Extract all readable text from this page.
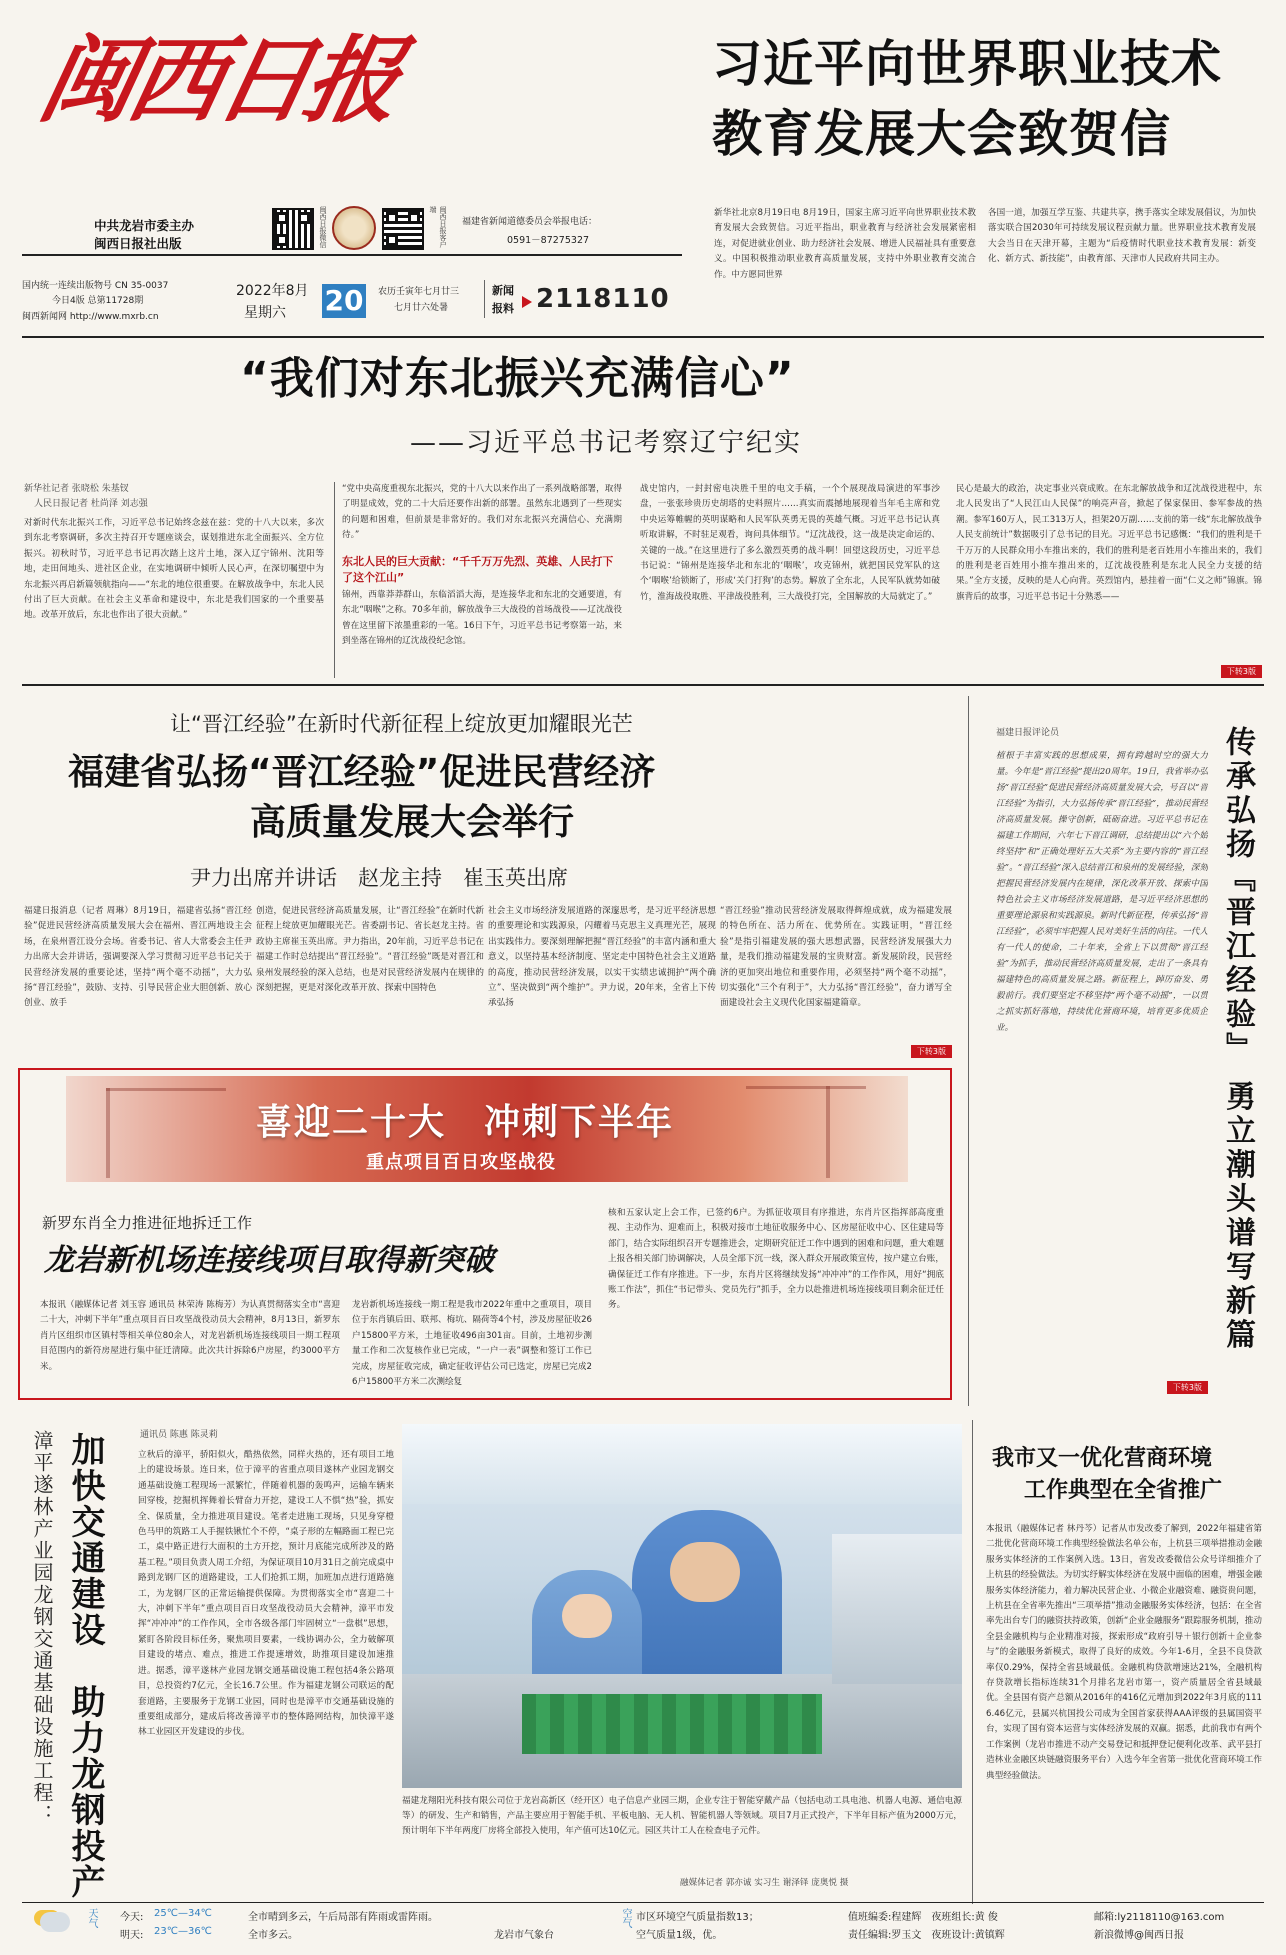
闽西日报
中共龙岩市委主办
闽西日报社出版	闽西日报微信	闽西日报客户端
福建省新闻道德委员会举报电话：
0591－87275327
国内统一连续出版物号 CN 35-0037
今日4版 总第11728期
闽西新闻网 http://www.mxrb.cn
2022年8月
星期六 20 农历壬寅年七月廿三
七月廿六处暑
新闻
报料 2118110
习近平向世界职业技术
教育发展大会致贺信
新华社北京8月19日电 8月19日，国家主席习近平向世界职业技术教育发展大会致贺信。习近平指出，职业教育与经济社会发展紧密相连，对促进就业创业、助力经济社会发展、增进人民福祉具有重要意义。中国积极推动职业教育高质量发展，支持中外职业教育交流合作。中方愿同世界
各国一道，加强互学互鉴、共建共享，携手落实全球发展倡议，为加快落实联合国2030年可持续发展议程贡献力量。世界职业技术教育发展大会当日在天津开幕，主题为“后疫情时代职业技术教育发展：新变化、新方式、新技能”，由教育部、天津市人民政府共同主办。
“我们对东北振兴充满信心”
——习近平总书记考察辽宁纪实
新华社记者 张晓松 朱基钗
人民日报记者 杜尚泽 刘志强
对新时代东北振兴工作，习近平总书记始终念兹在兹：党的十八大以来，多次到东北考察调研，多次主持召开专题座谈会，谋划推进东北全面振兴、全方位振兴。初秋时节，习近平总书记再次踏上这片土地，深入辽宁锦州、沈阳等地，走田间地头、进社区企业，在实地调研中倾听人民心声，在深切嘱望中为东北振兴再启新篇领航指向——“东北的地位很重要。在解放战争中，东北人民付出了巨大贡献。在社会主义革命和建设中，东北是我们国家的一个重要基地。改革开放后，东北也作出了很大贡献。”
“党中央高度重视东北振兴，党的十八大以来作出了一系列战略部署，取得了明显成效，党的二十大后还要作出新的部署。虽然东北遇到了一些现实的问题和困难，但前景是非常好的。我们对东北振兴充满信心、充满期待。”
东北人民的巨大贡献：“千千万万先烈、英雄、人民打下了这个江山”
锦州，西靠莽莽群山，东临滔滔大海，是连接华北和东北的交通要道，有东北“咽喉”之称。70多年前，解放战争三大战役的首场战役——辽沈战役曾在这里留下浓墨重彩的一笔。16日下午，习近平总书记考察第一站，来到坐落在锦州的辽沈战役纪念馆。
战史馆内，一封封密电决胜千里的电文手稿，一个个展现战局演进的军事沙盘，一张张珍贵历史胡塔的史料照片……真实而震撼地展现着当年毛主席和党中央运筹帷幄的英明谋略和人民军队英勇无畏的英雄气概。习近平总书记认真听取讲解，不时驻足观看，询问具体细节。“辽沈战役，这一战是决定命运的、关键的一战。”在这里进行了多么激烈英勇的战斗啊！回望这段历史，习近平总书记说：“锦州是连接华北和东北的‘咽喉’，攻克锦州，就把国民党军队的这个‘咽喉’给锁断了，形成‘关门打狗’的态势。解放了全东北，人民军队就势如破竹，淮海战役取胜、平津战役胜利，三大战役打完，全国解放的大局就定了。”
民心是最大的政治，决定事业兴衰成败。在东北解放战争和辽沈战役进程中，东北人民发出了“人民江山人民保”的响亮声音，掀起了保家保田、参军参战的热潮。参军160万人，民工313万人，担架20万副……支前的第一线“东北解放战争人民支前统计”数据吸引了总书记的目光。习近平总书记感慨：“我们的胜利是千千万万的人民群众用小车推出来的，我们的胜利是老百姓用小车推出来的，我们的胜利是老百姓用小推车推出来的，辽沈战役胜利是东北人民全力支援的结果。”全方支援，反映的是人心向背。英烈馆内，悬挂着一面“仁义之师”锦旗。锦旗背后的故事，习近平总书记十分熟悉——
下转3版
让“晋江经验”在新时代新征程上绽放更加耀眼光芒
福建省弘扬“晋江经验”促进民营经济
高质量发展大会举行
尹力出席并讲话　赵龙主持　崔玉英出席
福建日报消息（记者 周琳）8月19日，福建省弘扬“晋江经验”促进民营经济高质量发展大会在福州、晋江两地设主会场，在泉州晋江设分会场。省委书记、省人大常委会主任尹力出席大会并讲话，强调要深入学习贯彻习近平总书记关于民营经济发展的重要论述，坚持“两个毫不动摇”，大力弘扬“晋江经验”，鼓励、支持、引导民营企业大胆创新、放心创业、放手
创造，促进民营经济高质量发展，让“晋江经验”在新时代新征程上绽放更加耀眼光芒。省委副书记、省长赵龙主持。省政协主席崔玉英出席。尹力指出，20年前，习近平总书记在福建工作时总结提出“晋江经验”。“晋江经验”既是对晋江和泉州发展经验的深入总结，也是对民营经济发展内在规律的深刻把握，更是对深化改革开放、探索中国特色
社会主义市场经济发展道路的深邃思考，是习近平经济思想的重要理论和实践源泉，闪耀着马克思主义真理光芒，展现出实践伟力。要深刻理解把握“晋江经验”的丰富内涵和重大意义，以坚持基本经济制度、坚定走中国特色社会主义道路的高度，推动民营经济发展，以实干实绩忠诚拥护“两个确立”、坚决做到“两个维护”。尹力说，20年来，全省上下传承弘扬
“晋江经验”推动民营经济发展取得辉煌成就，成为福建发展的特色所在、活力所在、优势所在。实践证明，“晋江经验”是指引福建发展的强大思想武器，民营经济发展强大力量，是我们推动福建发展的宝贵财富。新发展阶段，民营经济的更加突出地位和重要作用，必须坚持“两个毫不动摇”，切实强化“三个有利于”，大力弘扬“晋江经验”，奋力谱写全面建设社会主义现代化国家福建篇章。
下转3版
福建日报评论员
植根于丰富实践的思想成果，拥有跨越时空的强大力量。今年是“晋江经验”提出20周年。19日，我省举办弘扬“晋江经验”促进民营经济高质量发展大会，号召以“晋江经验”为指引，大力弘扬传承“晋江经验”，推动民营经济高质量发展。操守创新，砥砺奋进。习近平总书记在福建工作期间，六年七下晋江调研，总结提出以“六个始终坚持”和“正确处理好五大关系”为主要内容的“晋江经验”。“晋江经验”深入总结晋江和泉州的发展经验，深刻把握民营经济发展内在规律，深化改革开放、探索中国特色社会主义市场经济发展道路，是习近平经济思想的重要理论源泉和实践源泉。新时代新征程，传承弘扬“晋江经验”，必须牢牢把握人民对美好生活的向往。一代人有一代人的使命，二十年来，全省上下以贯彻“晋江经验”为抓手，推动民营经济高质量发展，走出了一条具有福建特色的高质量发展之路。新征程上，踔厉奋发、勇毅前行。我们要坚定不移坚持“两个毫不动摇”，一以贯之抓实抓好落地，持续优化营商环境，培育更多优质企业。
下转3版
传承弘扬『晋江经验』 勇立潮头谱写新篇
喜迎二十大　冲刺下半年
重点项目百日攻坚战役
新罗东肖全力推进征地拆迁工作
龙岩新机场连接线项目取得新突破
本报讯（融媒体记者 刘玉容 通讯员 林荣涛 陈梅芳）为认真贯彻落实全市“喜迎二十大，冲刺下半年”重点项目百日攻坚战役动员大会精神，8月13日，新罗东肖片区组织市区镇村等相关单位80余人，对龙岩新机场连接线项目一期工程项目范围内的新符房屋进行集中征迁清障。此次共计拆除6户房屋，约3000平方米。
龙岩新机场连接线一期工程是我市2022年重中之重项目，项目位于东肖镇后田、联邦、梅坑、隔荷等4个村，涉及房屋征收26户15800平方米，土地征收496亩301亩。目前，土地初步测量工作和二次复核作业已完成，“一户一表”调整和签订工作已完成，房屋征收完成，确定征收评估公司已选定，房屋已完成26户15800平方米二次测绘复
核和五家认定上会工作，已签约6户。为抓征收项目有序推进，东肖片区指挥部高度重视、主动作为、迎难而上，积极对接市土地征收服务中心、区房屋征收中心、区住建局等部门，结合实际组织召开专题推进会，定期研究征迁工作中遇到的困难和问题，重大难题上报各相关部门协调解决，人员全部下沉一线，深入群众开展政策宣传，按户建立台账，确保征迁工作有序推进。下一步，东肖片区将继续发扬“冲冲冲”的工作作风，用好“拥底账工作法”，抓住“书记带头、党员先行”抓手，全力以赴推进机场连接线项目剩余征迁任务。
我市又一优化营商环境
工作典型在全省推广
本报讯（融媒体记者 林丹芩）记者从市发改委了解到，2022年福建省第二批优化营商环境工作典型经验做法名单公布，上杭县三项举措推动金融服务实体经济的工作案例入选。13日，省发改委微信公众号详细推介了上杭县的经验做法。为切实纾解实体经济在发展中面临的困难，增强金融服务实体经济能力，着力解决民营企业、小微企业融资难、融资贵问题，上杭县在全省率先推出“三项举措”推动金融服务实体经济，包括：在全省率先出台专门的融资扶持政策，创新“企业金融服务”跟踪服务机制，推动全县金融机构与企业精准对接，探索形成“政府引导＋银行创新＋企业参与”的金融服务新模式，取得了良好的成效。今年1-6月，全县不良贷款率仅0.29%，保持全省县域最低。金融机构贷款增速达21%，全融机构存贷款增长指标连续31个月排名龙岩市第一，资产质量居全省县域最优。全县国有资产总额从2016年的416亿元增加到2022年3月底的1116.46亿元，县属兴杭国投公司成为全国首家获得AAA评级的县属国资平台，实现了国有资本运营与实体经济发展的双赢。据悉，此前我市有两个工作案例（龙岩市推进不动产交易登记和抵押登记便利化改革、武平县打造林业金融区块链融资服务平台）入选今年全省第一批优化营商环境工作典型经验做法。
漳平遂林产业园龙钢交通基础设施工程： 加快交通建设　助力龙钢投产	通讯员 陈惠 陈灵莉
立秋后的漳平，骄阳似火，酷热依然，同样火热的，还有项目工地上的建设场景。连日来，位于漳平的省重点项目遂林产业园龙钢交通基础设施工程现场一派繁忙，伴随着机器的轰鸣声，运输车辆来回穿梭，挖掘机挥舞着长臂奋力开挖，建设工人不惧“热”验，抓安全、保质量，全力推进项目建设。笔者走进施工现场，只见身穿橙色马甲的筑路工人手握铁锹忙个不停，“桌子形的左幅路面工程已完工，桌中路正进行大面积的土方开挖，预计月底能完成所涉及的路基工程。”项目负责人周工介绍，为保证项目10月31日之前完成桌中路到龙钢厂区的道路建设，工人们抢抓工期，加班加点进行道路施工，为龙钢厂区的正常运输提供保障。为贯彻落实全市“喜迎二十大，冲刺下半年”重点项目百日攻坚战役动员大会精神，漳平市发挥“冲冲冲”的工作作风，全市各级各部门牢固树立“一盘棋”思想，紧盯各阶段目标任务，聚焦项目要素，一线协调办公，全力破解项目建设的堵点、难点，推进工作提速增效，助推项目建设加速推进。据悉，漳平遂林产业园龙钢交通基础设施工程包括4条公路项目，总投资约7亿元，全长16.7公里。作为福建龙钢公司联运的配套道路，主要服务于龙钢工业园，同时也是漳平市交通基础设施的重要组成部分，建成后将改善漳平市的整体路网结构，加快漳平遂林工业园区开发建设的步伐。
福建龙翔阳光科技有限公司位于龙岩高新区（经开区）电子信息产业园三期，企业专注于智能穿戴产品（包括电动工具电池、机器人电源、通信电源等）的研发、生产和销售，产品主要应用于智能手机、平板电脑、无人机、智能机器人等领域。项目7月正式投产，下半年目标产值为2000万元，预计明年下半年两度厂房将全部投入使用，年产值可达10亿元。园区共计工人在检查电子元件。
融媒体记者 郭亦诚 实习生 谢泽铎 庞奥悦 摄
天气 今天: 25℃—34℃	全市晴到多云，午后局部有阵雨或雷阵雨。
明天: 23℃—36℃	全市多云。	龙岩市气象台
空气 市区环境空气质量指数13；
空气质量1级，优。
值班编委:程建辉　夜班组长:黄 俊
责任编辑:罗玉文　夜班设计:黄镇辉
邮箱:ly2118110@163.com
新浪微博@闽西日报
